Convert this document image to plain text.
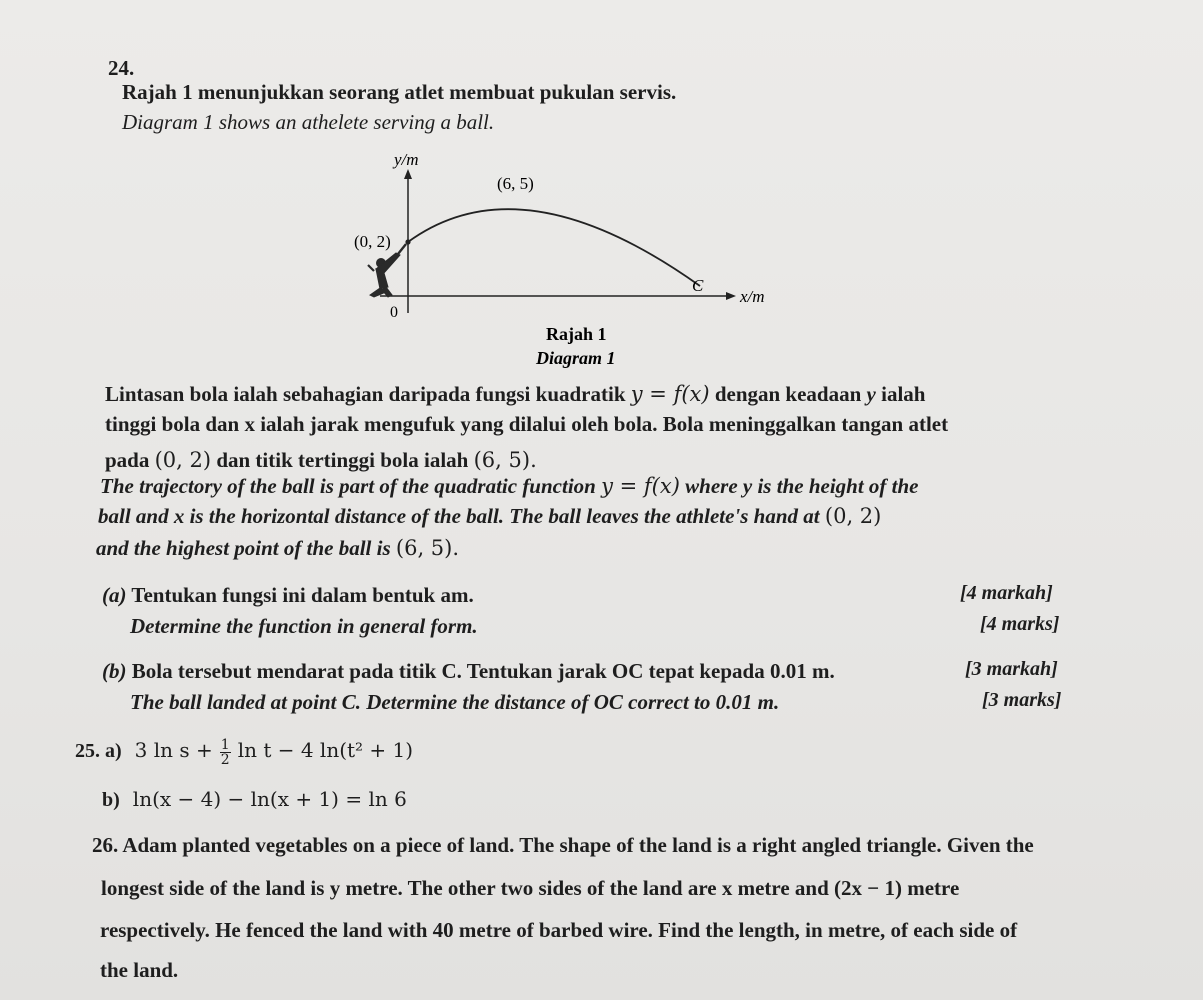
24.
Rajah 1 menunjukkan seorang atlet membuat pukulan servis.
Diagram 1 shows an athelete serving a ball.
y/m
x/m
0
(6, 5)
(0, 2)
C
Rajah 1
Diagram 1
Lintasan bola ialah sebahagian daripada fungsi kuadratik y = f(x) dengan keadaan y ialah
tinggi bola dan x ialah jarak mengufuk yang dilalui oleh bola. Bola meninggalkan tangan atlet
pada (0, 2) dan titik tertinggi bola ialah (6, 5).
The trajectory of the ball is part of the quadratic function y = f(x) where y is the height of the
ball and x is the horizontal distance of the ball. The ball leaves the athlete's hand at (0, 2)
and the highest point of the ball is (6, 5).
(a) Tentukan fungsi ini dalam bentuk am.	[4 markah]
Determine the function in general form.	[4 marks]
(b) Bola tersebut mendarat pada titik C. Tentukan jarak OC tepat kepada 0.01 m.	[3 markah]
The ball landed at point C. Determine the distance of OC correct to 0.01 m.	[3 marks]
25. a) 3 $\ln s + \frac{1}{2}$ ln t − 4 ln(t² + 1)
b) ln(x − 4) − ln(x + 1) = ln 6
26. Adam planted vegetables on a piece of land. The shape of the land is a right angled triangle. Given the
longest side of the land is y metre. The other two sides of the land are x metre and (2x − 1) metre
respectively. He fenced the land with 40 metre of barbed wire. Find the length, in metre, of each side of
the land.
